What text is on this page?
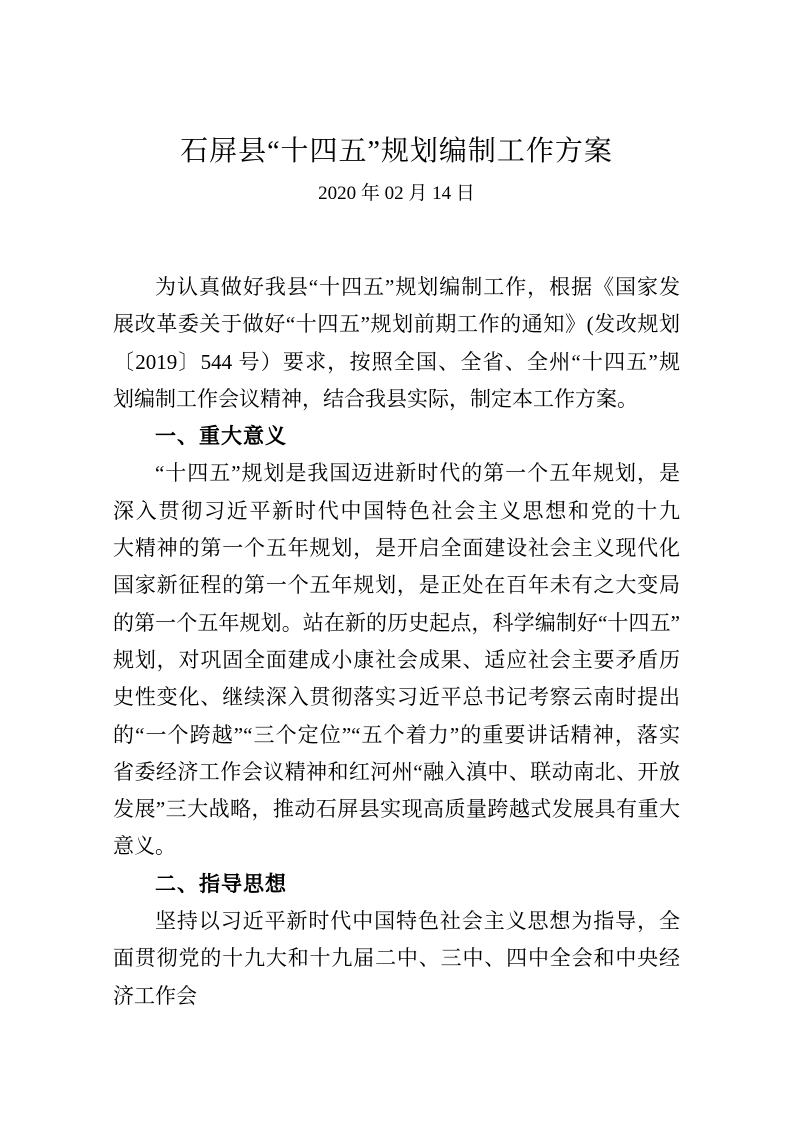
石屏县“十四五”规划编制工作方案
2020 年 02 月 14 日
为认真做好我县“十四五”规划编制工作，根据《国家发
展改革委关于做好“十四五”规划前期工作的通知》(发改规划
〔2019〕544 号）要求，按照全国、全省、全州“十四五”规
划编制工作会议精神，结合我县实际，制定本工作方案。
一、重大意义
“十四五”规划是我国迈进新时代的第一个五年规划，是
深入贯彻习近平新时代中国特色社会主义思想和党的十九
大精神的第一个五年规划，是开启全面建设社会主义现代化
国家新征程的第一个五年规划，是正处在百年未有之大变局
的第一个五年规划。站在新的历史起点，科学编制好“十四五”
规划，对巩固全面建成小康社会成果、适应社会主要矛盾历
史性变化、继续深入贯彻落实习近平总书记考察云南时提出
的“一个跨越”“三个定位”“五个着力”的重要讲话精神，落实
省委经济工作会议精神和红河州“融入滇中、联动南北、开放
发展”三大战略，推动石屏县实现高质量跨越式发展具有重大
意义。
二、指导思想
坚持以习近平新时代中国特色社会主义思想为指导，全
面贯彻党的十九大和十九届二中、三中、四中全会和中央经
济工作会
